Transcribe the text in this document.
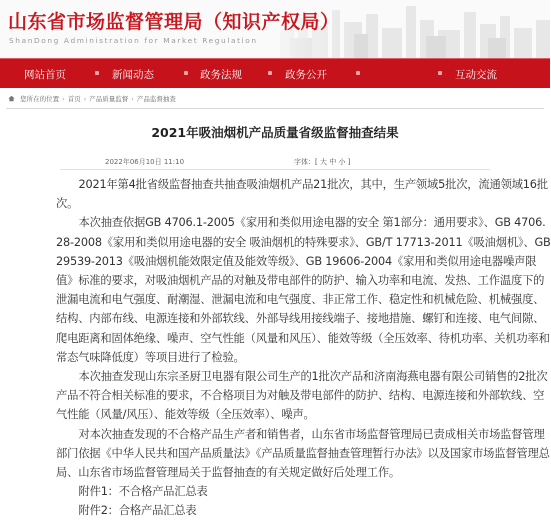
山东省市场监督管理局（知识产权局）
ShanDong Administration for Market Regulation
网站首页	新闻动态	政务法规	政务公开	互动交流
您所在的位置 › 首页 › 产品质量监督 › 产品监督抽查
2021年吸油烟机产品质量省级监督抽查结果
2022年06月10日 11:10	字体：[ 大 中 小 ]

2021年第4批省级监督抽查共抽查吸油烟机产品21批次，其中，生产领域5批次，流通领域16批次。

本次抽查依据GB 4706.1-2005《家用和类似用途电器的安全 第1部分：通用要求》、GB 4706.28-2008《家用和类似用途电器的安全 吸油烟机的特殊要求》、GB/T 17713-2011《吸油烟机》、GB 29539-2013《吸油烟机能效限定值及能效等级》、GB 19606-2004《家用和类似用途电器噪声限值》标准的要求，对吸油烟机产品的对触及带电部件的防护、输入功率和电流、发热、工作温度下的泄漏电流和电气强度、耐潮湿、泄漏电流和电气强度、非正常工作、稳定性和机械危险、机械强度、结构、内部布线、电源连接和外部软线、外部导线用接线端子、接地措施、螺钉和连接、电气间隙、爬电距离和固体绝缘、噪声、空气性能（风量和风压）、能效等级（全压效率、待机功率、关机功率和常态气味降低度）等项目进行了检验。

本次抽查发现山东宗圣厨卫电器有限公司生产的1批次产品和济南海燕电器有限公司销售的2批次产品不符合相关标准的要求，不合格项目为对触及带电部件的防护、结构、电源连接和外部软线、空气性能（风量/风压）、能效等级（全压效率）、噪声。

对本次抽查发现的不合格产品生产者和销售者，山东省市场监督管理局已责成相关市场监督管理部门依据《中华人民共和国产品质量法》《产品质量监督抽查管理暂行办法》以及国家市场监督管理总局、山东省市场监督管理局关于监督抽查的有关规定做好后处理工作。

附件1：不合格产品汇总表

附件2：合格产品汇总表
